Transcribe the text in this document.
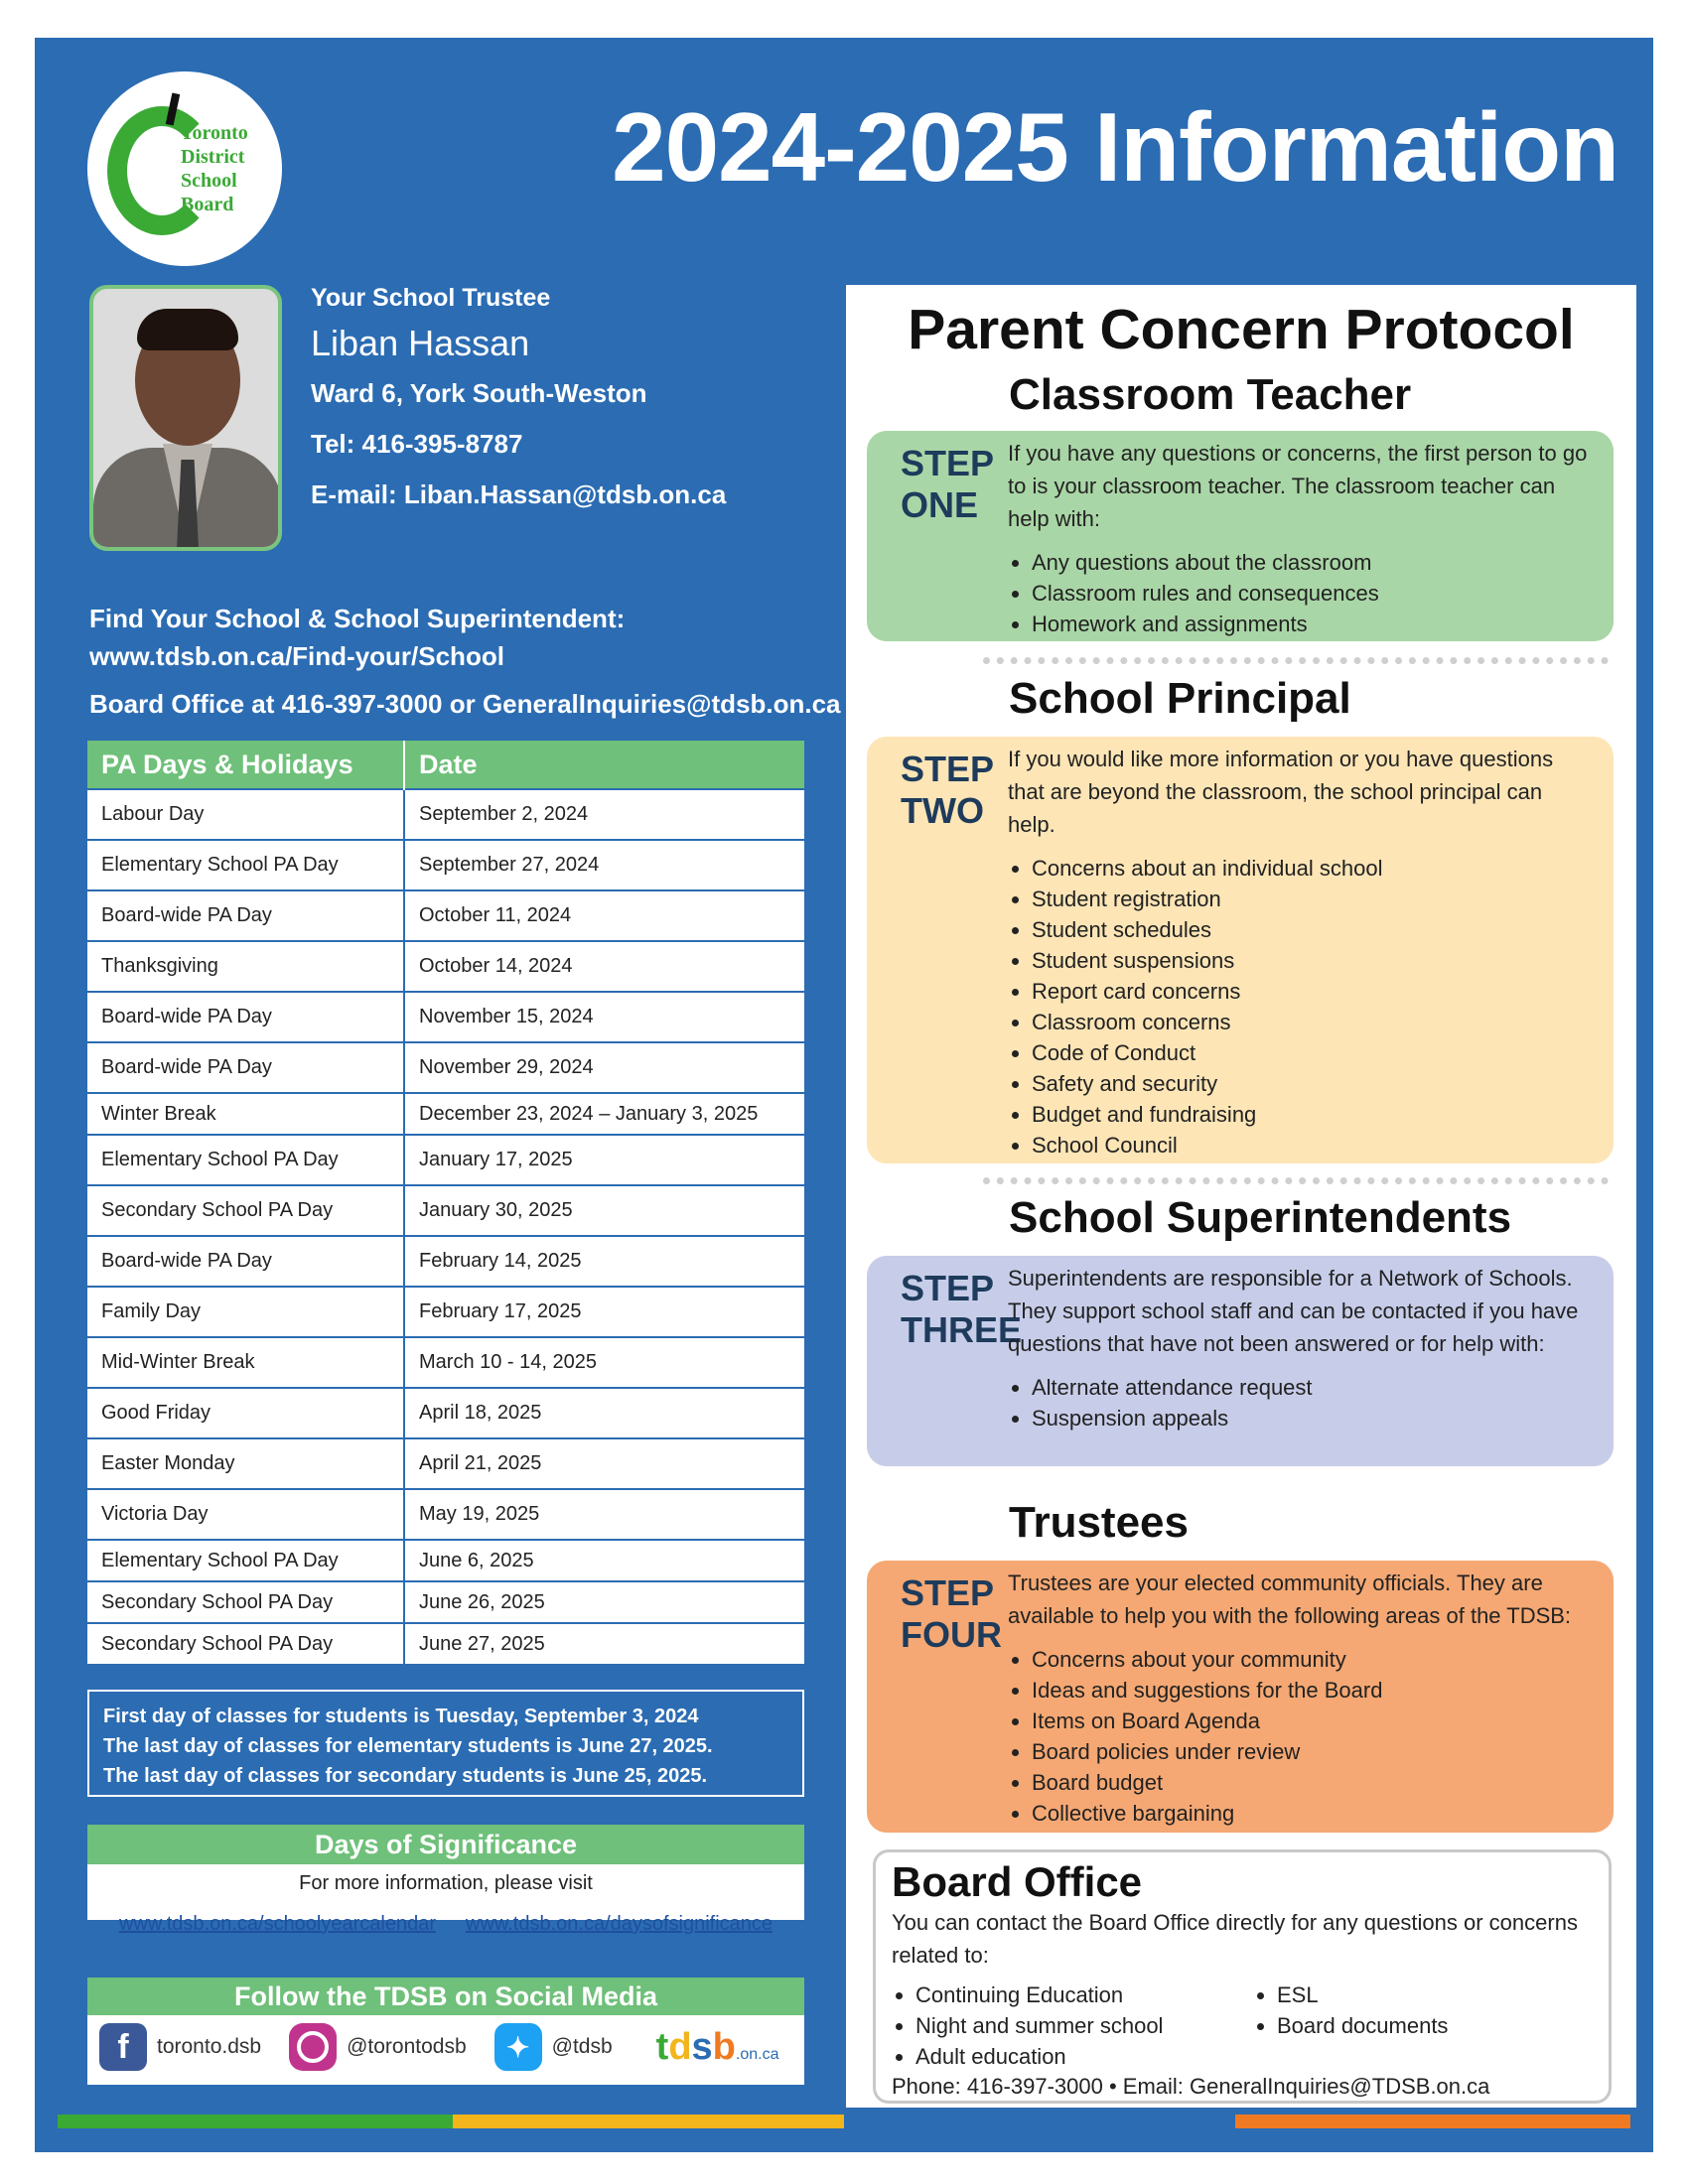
Toronto
District
School
Board
2024-2025 Information
Your School Trustee
Liban Hassan
Ward 6, York South-Weston
Tel: 416-395-8787
E-mail: Liban.Hassan@tdsb.on.ca
Find Your School & School Superintendent:
www.tdsb.on.ca/Find-your/School
Board Office at 416-397-3000 or GeneralInquiries@tdsb.on.ca
PA Days & Holidays	Date
Labour Day	September 2, 2024
Elementary School PA Day	September 27, 2024
Board-wide PA Day	October 11, 2024
Thanksgiving	October 14, 2024
Board-wide PA Day	November 15, 2024
Board-wide PA Day	November 29, 2024
Winter Break	December 23, 2024 – January 3, 2025
Elementary School PA Day	January 17, 2025
Secondary School PA Day	January 30, 2025
Board-wide PA Day	February 14, 2025
Family Day	February 17, 2025
Mid-Winter Break	March 10 - 14, 2025
Good Friday	April 18, 2025
Easter Monday	April 21, 2025
Victoria Day	May 19, 2025
Elementary School PA Day	June 6, 2025
Secondary School PA Day	June 26, 2025
Secondary School PA Day	June 27, 2025
First day of classes for students is Tuesday, September 3, 2024
The last day of classes for elementary students is June 27, 2025.
The last day of classes for secondary students is June 25, 2025.
Days of Significance
For more information, please visit
www.tdsb.on.ca/schoolyearcalendar www.tdsb.on.ca/daysofsignificance
Follow the TDSB on Social Media
f	toronto.dsb	@torontodsb	✦	@tdsb tdsb.on.ca
Parent Concern Protocol
Classroom Teacher
STEP
ONE
If you have any questions or concerns, the first person to go to is your classroom teacher. The classroom teacher can help with:
• Any questions about the classroom
• Classroom rules and consequences
• Homework and assignments
School Principal
STEP
TWO
If you would like more information or you have questions that are beyond the classroom, the school principal can help.
• Concerns about an individual school
• Student registration
• Student schedules
• Student suspensions
• Report card concerns
• Classroom concerns
• Code of Conduct
• Safety and security
• Budget and fundraising
• School Council
School Superintendents
STEP
THREE
Superintendents are responsible for a Network of Schools. They support school staff and can be contacted if you have questions that have not been answered or for help with:
• Alternate attendance request
• Suspension appeals
Trustees
STEP
FOUR
Trustees are your elected community officials. They are available to help you with the following areas of the TDSB:
• Concerns about your community
• Ideas and suggestions for the Board
• Items on Board Agenda
• Board policies under review
• Board budget
• Collective bargaining
Board Office
You can contact the Board Office directly for any questions or concerns related to:
• Continuing Education
• Night and summer school
• Adult education
• ESL
• Board documents
Phone: 416-397-3000 • Email: GeneralInquiries@TDSB.on.ca
